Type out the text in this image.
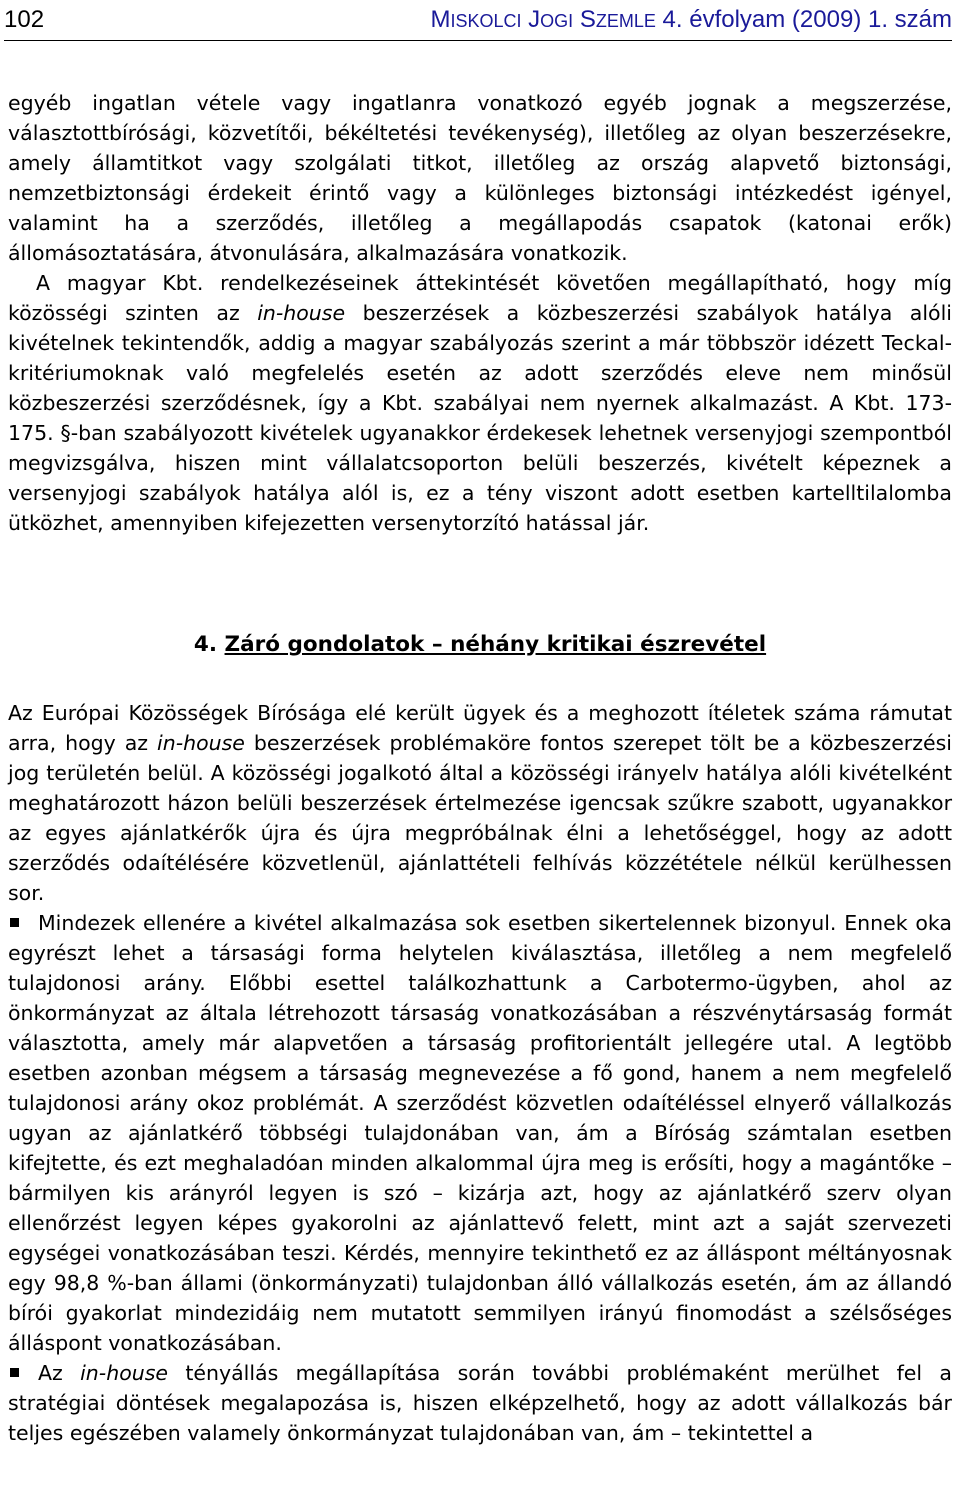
102	MISKOLCI JOGI SZEMLE 4. évfolyam (2009) 1. szám

egyéb ingatlan vétele vagy ingatlanra vonatkozó egyéb jognak a megszerzése, választottbírósági, közvetítői, békéltetési tevékenység), illetőleg az olyan beszerzésekre, amely államtitkot vagy szolgálati titkot, illetőleg az ország alapvető biztonsági, nemzetbiztonsági érdekeit érintő vagy a különleges biztonsági intézkedést igényel, valamint ha a szerződés, illetőleg a megállapodás csapatok (katonai erők) állomásoztatására, átvonulására, alkalmazására vonatkozik.

A magyar Kbt. rendelkezéseinek áttekintését követően megállapítható, hogy míg közösségi szinten az in-house beszerzések a közbeszerzési szabályok hatálya alóli kivételnek tekintendők, addig a magyar szabályozás szerint a már többször idézett Teckal-kritériumoknak való megfelelés esetén az adott szerződés eleve nem minősül közbeszerzési szerződésnek, így a Kbt. szabályai nem nyernek alkalmazást. A Kbt. 173-175. §-ban szabályozott kivételek ugyanakkor érdekesek lehetnek versenyjogi szempontból megvizsgálva, hiszen mint vállalatcsoporton belüli beszerzés, kivételt képeznek a versenyjogi szabályok hatálya alól is, ez a tény viszont adott esetben kartelltilalomba ütközhet, amennyiben kifejezetten versenytorzító hatással jár.

4. Záró gondolatok – néhány kritikai észrevétel

Az Európai Közösségek Bírósága elé került ügyek és a meghozott ítéletek száma rámutat arra, hogy az in-house beszerzések problémaköre fontos szerepet tölt be a közbeszerzési jog területén belül. A közösségi jogalkotó által a közösségi irányelv hatálya alóli kivételként meghatározott házon belüli beszerzések értelmezése igencsak szűkre szabott, ugyanakkor az egyes ajánlatkérők újra és újra megpróbálnak élni a lehetőséggel, hogy az adott szerződés odaítélésére közvetlenül, ajánlattételi felhívás közzététele nélkül kerülhessen sor.

Mindezek ellenére a kivétel alkalmazása sok esetben sikertelennek bizonyul. Ennek oka egyrészt lehet a társasági forma helytelen kiválasztása, illetőleg a nem megfelelő tulajdonosi arány. Előbbi esettel találkozhattunk a Carbotermo-ügyben, ahol az önkormányzat az általa létrehozott társaság vonatkozásában a részvénytársaság formát választotta, amely már alapvetően a társaság profitorientált jellegére utal. A legtöbb esetben azonban mégsem a társaság megnevezése a fő gond, hanem a nem megfelelő tulajdonosi arány okoz problémát. A szerződést közvetlen odaítéléssel elnyerő vállalkozás ugyan az ajánlatkérő többségi tulajdonában van, ám a Bíróság számtalan esetben kifejtette, és ezt meghaladóan minden alkalommal újra meg is erősíti, hogy a magántőke – bármilyen kis arányról legyen is szó – kizárja azt, hogy az ajánlatkérő szerv olyan ellenőrzést legyen képes gyakorolni az ajánlattevő felett, mint azt a saját szervezeti egységei vonatkozásában teszi. Kérdés, mennyire tekinthető ez az álláspont méltányosnak egy 98,8 %-ban állami (önkormányzati) tulajdonban álló vállalkozás esetén, ám az állandó bírói gyakorlat mindezidáig nem mutatott semmilyen irányú finomodást a szélsőséges álláspont vonatkozásában.

Az in-house tényállás megállapítása során további problémaként merülhet fel a stratégiai döntések megalapozása is, hiszen elképzelhető, hogy az adott vállalkozás bár teljes egészében valamely önkormányzat tulajdonában van, ám – tekintettel a
